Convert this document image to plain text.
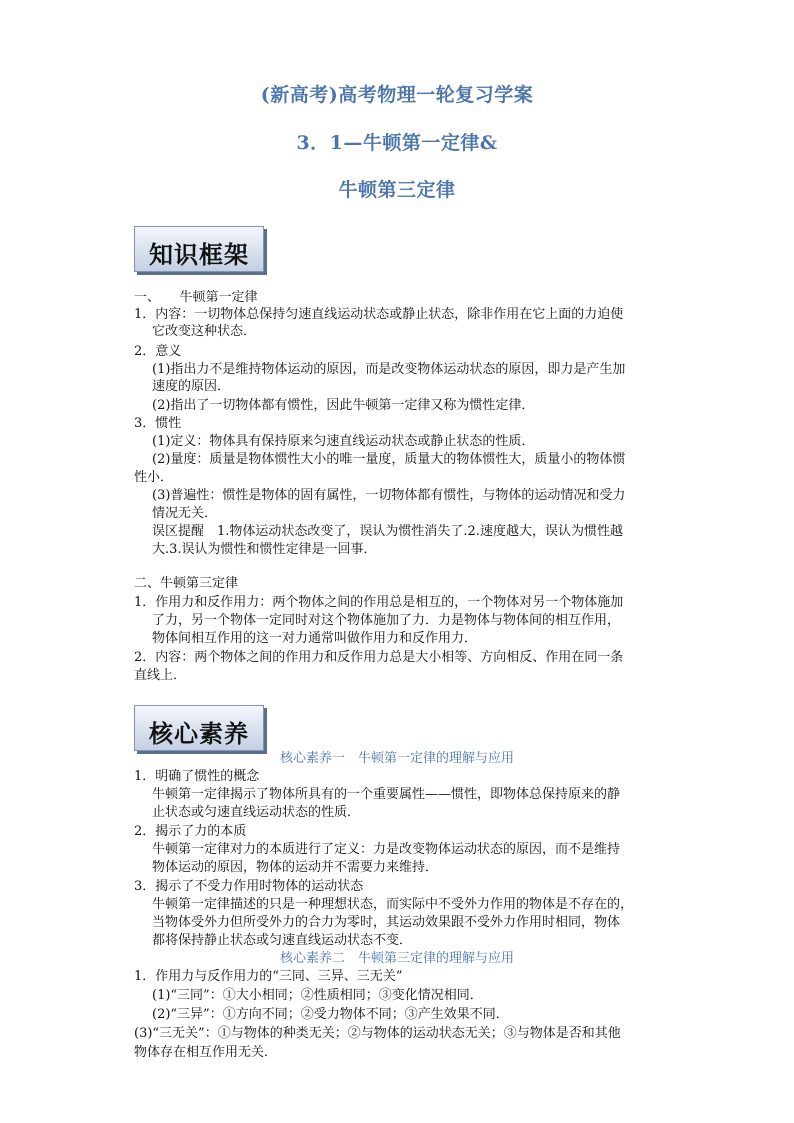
(新高考)高考物理一轮复习学案
3．1—牛顿第一定律&
牛顿第三定律
知识框架
一、　　牛顿第一定律
1．内容：一切物体总保持匀速直线运动状态或静止状态，除非作用在它上面的力迫使
它改变这种状态．
2．意义
(1)指出力不是维持物体运动的原因，而是改变物体运动状态的原因，即力是产生加
速度的原因．
(2)指出了一切物体都有惯性，因此牛顿第一定律又称为惯性定律．
3．惯性
(1)定义：物体具有保持原来匀速直线运动状态或静止状态的性质．
(2)量度：质量是物体惯性大小的唯一量度，质量大的物体惯性大，质量小的物体惯
性小．
(3)普遍性：惯性是物体的固有属性，一切物体都有惯性，与物体的运动情况和受力
情况无关．
误区提醒　1.物体运动状态改变了，误认为惯性消失了.2.速度越大，误认为惯性越
大.3.误认为惯性和惯性定律是一回事．
二、牛顿第三定律
1．作用力和反作用力：两个物体之间的作用总是相互的，一个物体对另一个物体施加
了力，另一个物体一定同时对这个物体施加了力．力是物体与物体间的相互作用，
物体间相互作用的这一对力通常叫做作用力和反作用力．
2．内容：两个物体之间的作用力和反作用力总是大小相等、方向相反、作用在同一条
直线上．
核心素养
核心素养一　牛顿第一定律的理解与应用
1．明确了惯性的概念
牛顿第一定律揭示了物体所具有的一个重要属性——惯性，即物体总保持原来的静
止状态或匀速直线运动状态的性质．
2．揭示了力的本质
牛顿第一定律对力的本质进行了定义：力是改变物体运动状态的原因，而不是维持
物体运动的原因，物体的运动并不需要力来维持．
3．揭示了不受力作用时物体的运动状态
牛顿第一定律描述的只是一种理想状态，而实际中不受外力作用的物体是不存在的，
当物体受外力但所受外力的合力为零时，其运动效果跟不受外力作用时相同，物体
都将保持静止状态或匀速直线运动状态不变．
核心素养二　牛顿第三定律的理解与应用
1．作用力与反作用力的“三同、三异、三无关”
(1)“三同”：①大小相同；②性质相同；③变化情况相同．
(2)“三异”：①方向不同；②受力物体不同；③产生效果不同．
(3)“三无关”：①与物体的种类无关；②与物体的运动状态无关；③与物体是否和其他
物体存在相互作用无关．
